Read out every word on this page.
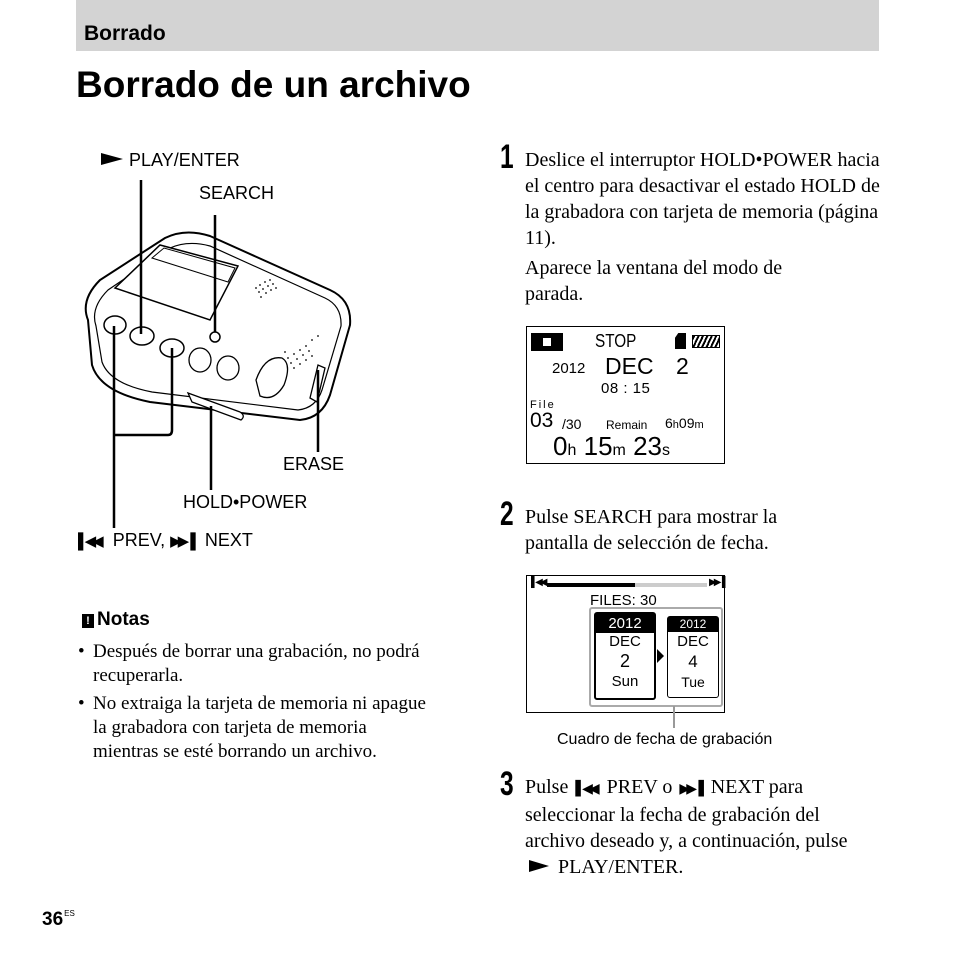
Borrado
Borrado de un archivo
PLAY/ENTER
SEARCH
ERASE
HOLD•POWER
▌◀◀ PREV, ▶▶▐ NEXT
! Notas
• Después de borrar una grabación, no podrá recuperarla.
• No extraiga la tarjeta de memoria ni apague la grabadora con tarjeta de memoria mientras se esté borrando un archivo.
1 Deslice el interruptor HOLD•POWER hacia el centro para desactivar el estado HOLD de la grabadora con tarjeta de memoria (página 11).
Aparece la ventana del modo de parada.
STOP
2012 DEC 2
08 : 15
File
03 /30 Remain 6h09m
0h 15m 23s
2 Pulse SEARCH para mostrar la pantalla de selección de fecha.
▌◀◀	▶▶▐
FILES: 30
2012
DEC
2
Sun
2012
DEC
4
Tue
Cuadro de fecha de grabación
3 Pulse ▌◀◀ PREV o ▶▶▐ NEXT para seleccionar la fecha de grabación del archivo deseado y, a continuación, pulse  PLAY/ENTER.
$36^{ES}$
